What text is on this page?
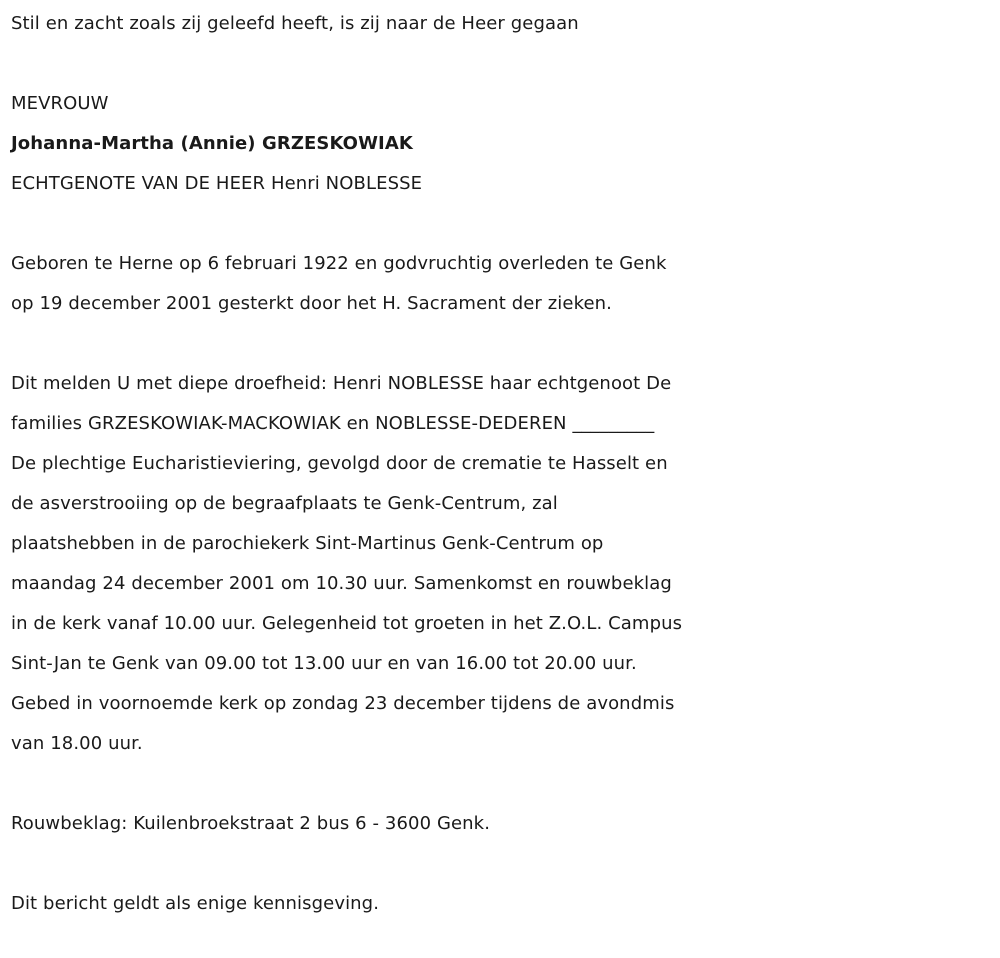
Stil en zacht zoals zij geleefd heeft, is zij naar de Heer gegaan
MEVROUW
Johanna-Martha (Annie) GRZESKOWIAK
ECHTGENOTE VAN DE HEER Henri NOBLESSE
Geboren te Herne op 6 februari 1922 en godvruchtig overleden te Genk
op 19 december 2001 gesterkt door het H. Sacrament der zieken.
Dit melden U met diepe droefheid: Henri NOBLESSE haar echtgenoot De
families GRZESKOWIAK-MACKOWIAK en NOBLESSE-DEDEREN _________
De plechtige Eucharistieviering, gevolgd door de crematie te Hasselt en
de asverstrooiing op de begraafplaats te Genk-Centrum, zal
plaatshebben in de parochiekerk Sint-Martinus Genk-Centrum op
maandag 24 december 2001 om 10.30 uur. Samenkomst en rouwbeklag
in de kerk vanaf 10.00 uur. Gelegenheid tot groeten in het Z.O.L. Campus
Sint-Jan te Genk van 09.00 tot 13.00 uur en van 16.00 tot 20.00 uur.
Gebed in voornoemde kerk op zondag 23 december tijdens de avondmis
van 18.00 uur.
Rouwbeklag: Kuilenbroekstraat 2 bus 6 - 3600 Genk.
Dit bericht geldt als enige kennisgeving.
